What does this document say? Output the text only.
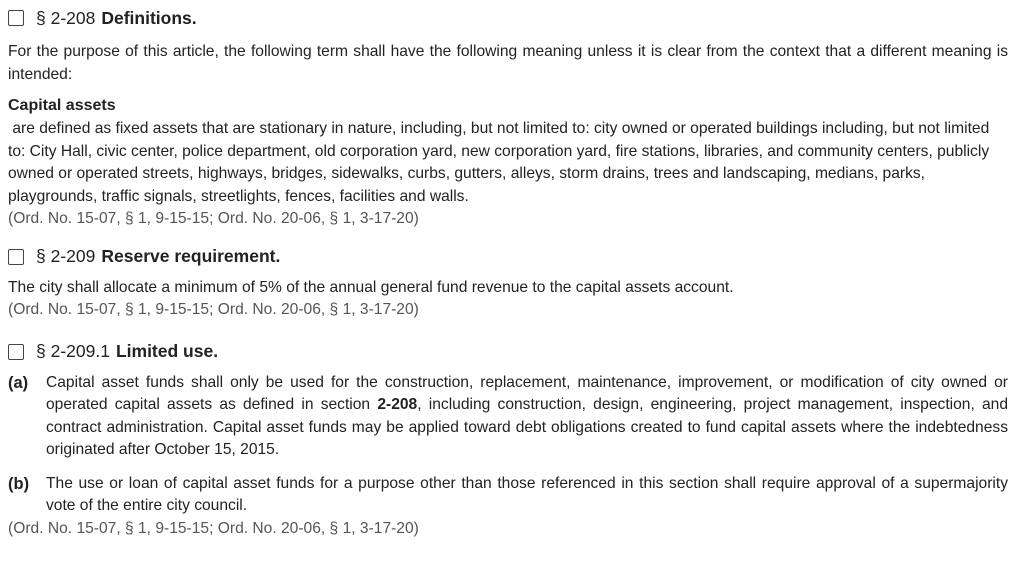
§ 2-208 Definitions.

For the purpose of this article, the following term shall have the following meaning unless it is clear from the context that a different meaning is intended:

Capital assets

are defined as fixed assets that are stationary in nature, including, but not limited to: city owned or operated buildings including, but not limited to: City Hall, civic center, police department, old corporation yard, new corporation yard, fire stations, libraries, and community centers, publicly owned or operated streets, highways, bridges, sidewalks, curbs, gutters, alleys, storm drains, trees and landscaping, medians, parks, playgrounds, traffic signals, streetlights, fences, facilities and walls.

(Ord. No. 15-07, § 1, 9-15-15; Ord. No. 20-06, § 1, 3-17-20)
§ 2-209 Reserve requirement.

The city shall allocate a minimum of 5% of the annual general fund revenue to the capital assets account.

(Ord. No. 15-07, § 1, 9-15-15; Ord. No. 20-06, § 1, 3-17-20)
§ 2-209.1 Limited use.
(a)	Capital asset funds shall only be used for the construction, replacement, maintenance, improvement, or modification of city owned or operated capital assets as defined in section 2-208, including construction, design, engineering, project management, inspection, and contract administration. Capital asset funds may be applied toward debt obligations created to fund capital assets where the indebtedness originated after October 15, 2015.
(b)	The use or loan of capital asset funds for a purpose other than those referenced in this section shall require approval of a supermajority vote of the entire city council.
(Ord. No. 15-07, § 1, 9-15-15; Ord. No. 20-06, § 1, 3-17-20)
